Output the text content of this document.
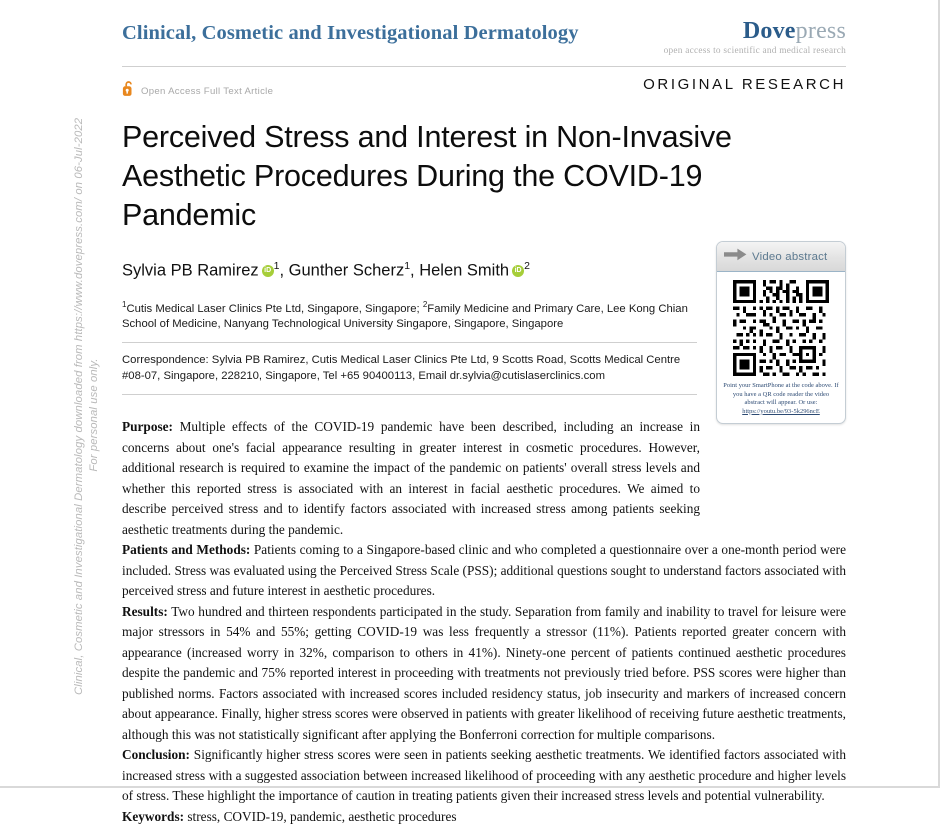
Clinical, Cosmetic and Investigational Dermatology downloaded from https://www.dovepress.com/ on 06-Jul-2022 For personal use only.
Clinical, Cosmetic and Investigational Dermatology	Dovepress
open access to scientific and medical research
Open Access Full Text Article	ORIGINAL RESEARCH
Perceived Stress and Interest in Non-Invasive Aesthetic Procedures During the COVID-19 Pandemic
Sylvia PB Ramirez iD $^1$, Gunther Scherz$^1$, Helen Smith iD $^2$
$^1$Cutis Medical Laser Clinics Pte Ltd, Singapore, Singapore; $^2$Family Medicine and Primary Care, Lee Kong Chian School of Medicine, Nanyang Technological University Singapore, Singapore, Singapore
Correspondence: Sylvia PB Ramirez, Cutis Medical Laser Clinics Pte Ltd, 9 Scotts Road, Scotts Medical Centre #08-07, Singapore, 228210, Singapore, Tel +65 90400113, Email dr.sylvia@cutislaserclinics.com

Purpose: Multiple effects of the COVID-19 pandemic have been described, including an increase in concerns about one's facial appearance resulting in greater interest in cosmetic procedures. However, additional research is required to examine the impact of the pandemic on patients' overall stress levels and whether this reported stress is associated with an interest in facial aesthetic procedures. We aimed to describe perceived stress and to identify factors associated with increased stress among patients seeking aesthetic treatments during the pandemic.

Patients and Methods: Patients coming to a Singapore-based clinic and who completed a questionnaire over a one-month period were included. Stress was evaluated using the Perceived Stress Scale (PSS); additional questions sought to understand factors associated with perceived stress and future interest in aesthetic procedures.

Results: Two hundred and thirteen respondents participated in the study. Separation from family and inability to travel for leisure were major stressors in 54% and 55%; getting COVID-19 was less frequently a stressor (11%). Patients reported greater concern with appearance (increased worry in 32%, comparison to others in 41%). Ninety-one percent of patients continued aesthetic procedures despite the pandemic and 75% reported interest in proceeding with treatments not previously tried before. PSS scores were higher than published norms. Factors associated with increased scores included residency status, job insecurity and markers of increased concern about appearance. Finally, higher stress scores were observed in patients with greater likelihood of receiving future aesthetic treatments, although this was not statistically significant after applying the Bonferroni correction for multiple comparisons.

Conclusion: Significantly higher stress scores were seen in patients seeking aesthetic treatments. We identified factors associated with increased stress with a suggested association between increased likelihood of proceeding with any aesthetic procedure and higher levels of stress. These highlight the importance of caution in treating patients given their increased stress levels and potential vulnerability.

Keywords: stress, COVID-19, pandemic, aesthetic procedures

Video abstract
Point your SmartPhone at the code above. If you have a QR code reader the video abstract will appear. Or use:
https://youtu.be/93-5k296ncE
